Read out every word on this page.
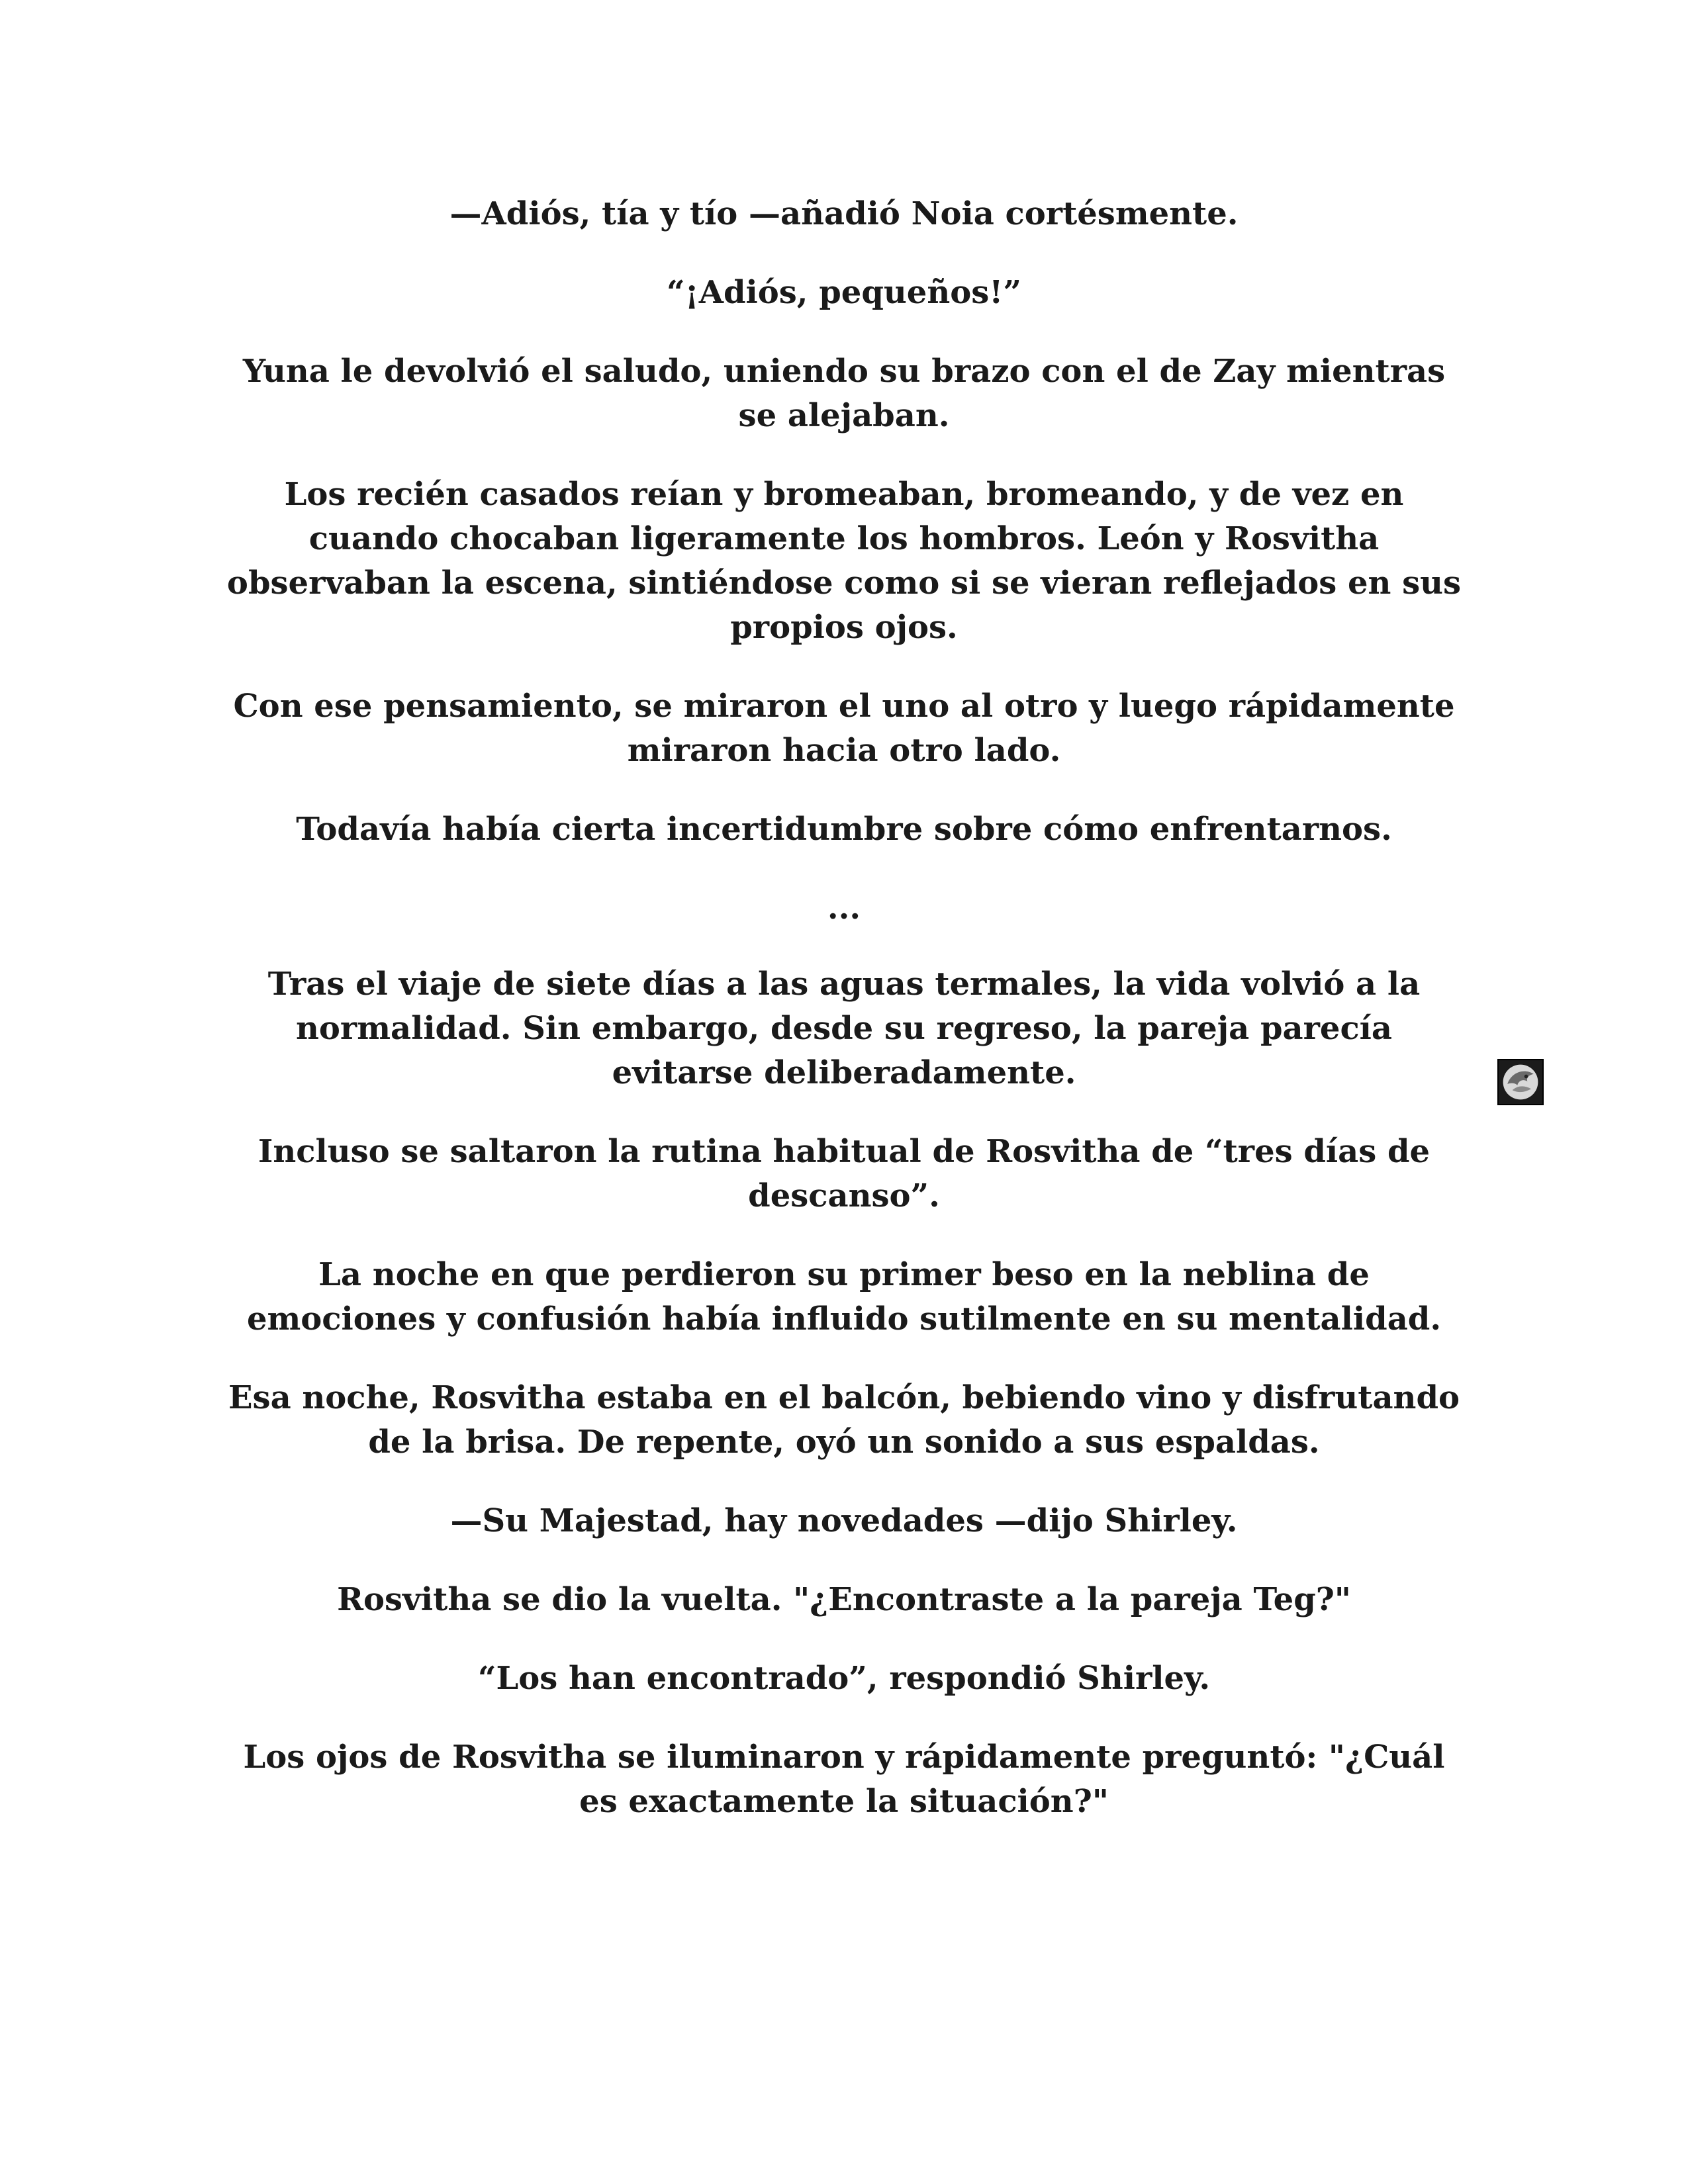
—Adiós, tía y tío —añadió Noia cortésmente.

“¡Adiós, pequeños!”

Yuna le devolvió el saludo, uniendo su brazo con el de Zay mientras se alejaban.

Los recién casados reían y bromeaban, bromeando, y de vez en cuando chocaban ligeramente los hombros. León y Rosvitha observaban la escena, sintiéndose como si se vieran reflejados en sus propios ojos.

Con ese pensamiento, se miraron el uno al otro y luego rápidamente miraron hacia otro lado.

Todavía había cierta incertidumbre sobre cómo enfrentarnos.

...

Tras el viaje de siete días a las aguas termales, la vida volvió a la normalidad. Sin embargo, desde su regreso, la pareja parecía evitarse deliberadamente.

Incluso se saltaron la rutina habitual de Rosvitha de “tres días de descanso”.

La noche en que perdieron su primer beso en la neblina de emociones y confusión había influido sutilmente en su mentalidad.

Esa noche, Rosvitha estaba en el balcón, bebiendo vino y disfrutando de la brisa. De repente, oyó un sonido a sus espaldas.

—Su Majestad, hay novedades —dijo Shirley.

Rosvitha se dio la vuelta. "¿Encontraste a la pareja Teg?"

“Los han encontrado”, respondió Shirley.

Los ojos de Rosvitha se iluminaron y rápidamente preguntó: "¿Cuál es exactamente la situación?"
